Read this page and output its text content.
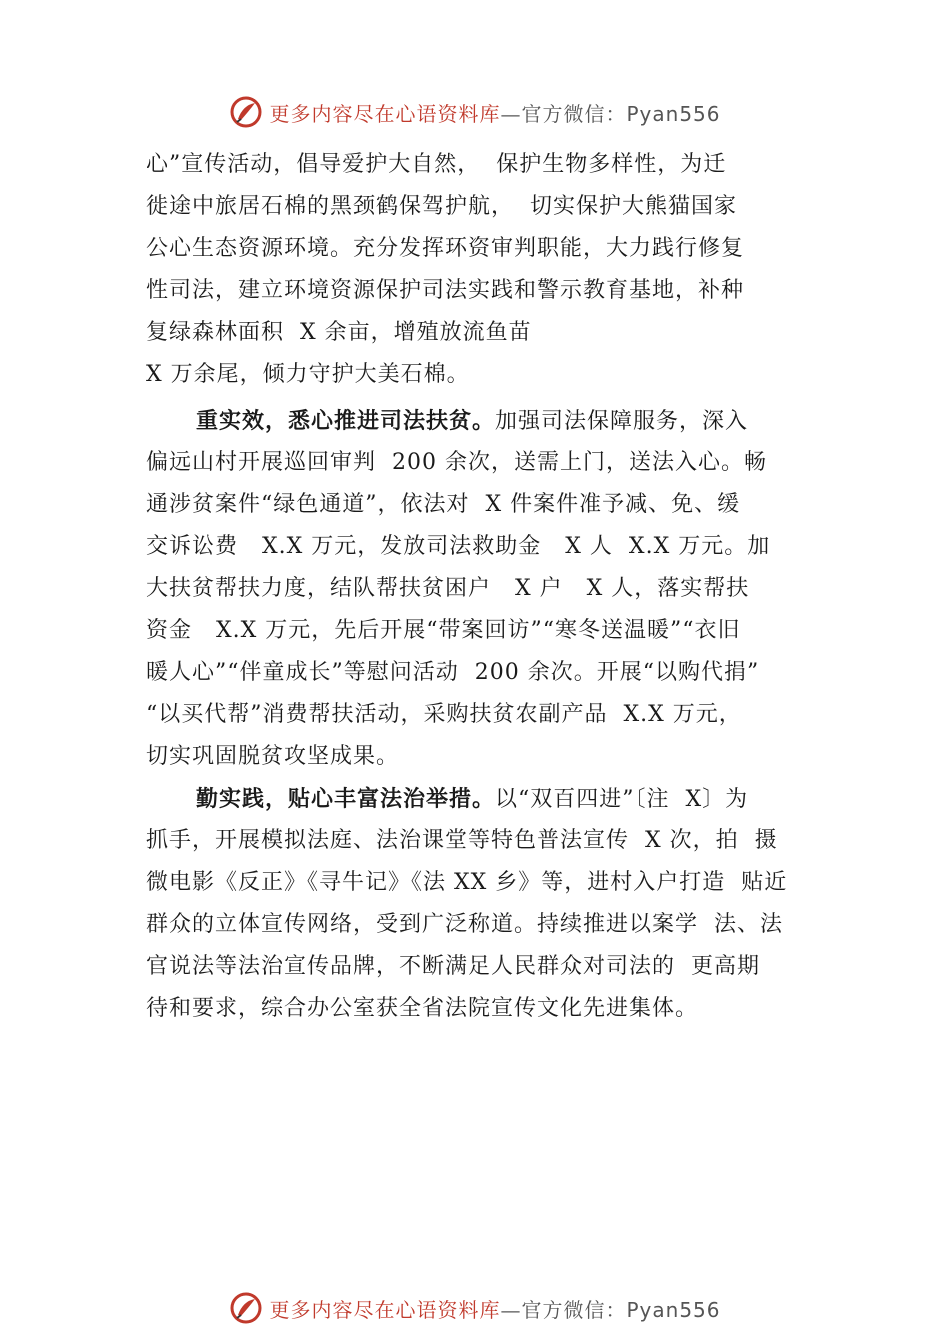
更多内容尽在心语资料库—官方微信：Pyan556
心”宣传活动，倡导爱护大自然，  保护生物多样性，为迁
徙途中旅居石棉的黑颈鹤保驾护航，  切实保护大熊猫国家
公心生态资源环境。充分发挥环资审判职能，大力践行修复
性司法，建立环境资源保护司法实践和警示教育基地，补种
复绿森林面积  X 余亩，增殖放流鱼苗
X 万余尾，倾力守护大美石棉。
重实效，悉心推进司法扶贫。加强司法保障服务，深入
偏远山村开展巡回审判  200 余次，送需上门，送法入心。畅
通涉贫案件“绿色通道”，依法对  X 件案件准予减、免、缓
交诉讼费   X.X 万元，发放司法救助金   X 人  X.X 万元。加
大扶贫帮扶力度，结队帮扶贫困户   X 户   X 人，落实帮扶
资金   X.X 万元，先后开展“带案回访”“寒冬送温暖”“衣旧
暖人心”“伴童成长”等慰问活动  200 余次。开展“以购代捐”
“以买代帮”消费帮扶活动，采购扶贫农副产品  X.X 万元，
切实巩固脱贫攻坚成果。
勤实践，贴心丰富法治举措。以“双百四进”〔注  X〕为
抓手，开展模拟法庭、法治课堂等特色普法宣传  X 次，拍  摄
微电影《反正》《寻牛记》《法 XX 乡》等，进村入户打造  贴近
群众的立体宣传网络，受到广泛称道。持续推进以案学  法、法
官说法等法治宣传品牌，不断满足人民群众对司法的  更高期
待和要求，综合办公室获全省法院宣传文化先进集体。
更多内容尽在心语资料库—官方微信：Pyan556
